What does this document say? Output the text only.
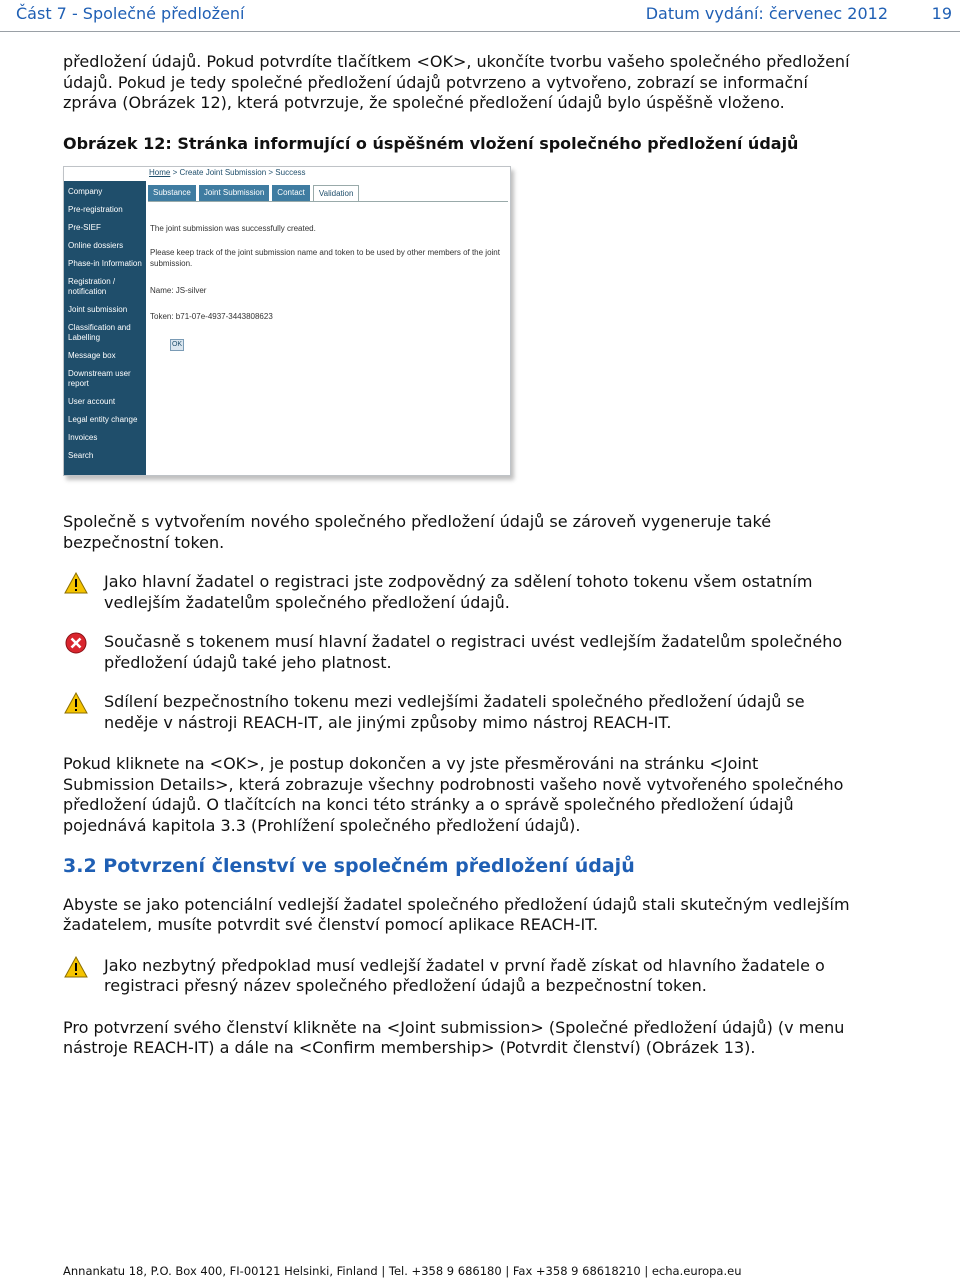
Část 7 - Společné předložení	Datum vydání: červenec 2012	19

předložení údajů. Pokud potvrdíte tlačítkem <OK>, ukončíte tvorbu vašeho společného předložení údajů. Pokud je tedy společné předložení údajů potvrzeno a vytvořeno, zobrazí se informační zpráva (Obrázek 12), která potvrzuje, že společné předložení údajů bylo úspěšně vloženo.

Obrázek 12: Stránka informující o úspěšném vložení společného předložení údajů

Home > Create Joint Submission > Success
Company
Pre-registration
Pre-SIEF
Online dossiers
Phase-in Information
Registration / notification
Joint submission
Classification and Labelling
Message box
Downstream user report
User account
Legal entity change
Invoices
Search
Substance	Joint Submission	Contact	Validation
The joint submission was successfully created.
Please keep track of the joint submission name and token to be used by other members of the joint submission.
Name: JS-silver
Token: b71-07e-4937-3443808623
OK

Společně s vytvořením nového společného předložení údajů se zároveň vygeneruje také bezpečnostní token.

Jako hlavní žadatel o registraci jste zodpovědný za sdělení tohoto tokenu všem ostatním vedlejším žadatelům společného předložení údajů.

Současně s tokenem musí hlavní žadatel o registraci uvést vedlejším žadatelům společného předložení údajů také jeho platnost.

Sdílení bezpečnostního tokenu mezi vedlejšími žadateli společného předložení údajů se neděje v nástroji REACH-IT, ale jinými způsoby mimo nástroj REACH-IT.

Pokud kliknete na <OK>, je postup dokončen a vy jste přesměrováni na stránku <Joint Submission Details>, která zobrazuje všechny podrobnosti vašeho nově vytvořeného společného předložení údajů. O tlačítcích na konci této stránky a o správě společného předložení údajů pojednává kapitola 3.3 (Prohlížení společného předložení údajů).

3.2 Potvrzení členství ve společném předložení údajů

Abyste se jako potenciální vedlejší žadatel společného předložení údajů stali skutečným vedlejším žadatelem, musíte potvrdit své členství pomocí aplikace REACH-IT.

Jako nezbytný předpoklad musí vedlejší žadatel v první řadě získat od hlavního žadatele o registraci přesný název společného předložení údajů a bezpečnostní token.

Pro potvrzení svého členství klikněte na <Joint submission> (Společné předložení údajů) (v menu nástroje REACH-IT) a dále na <Confirm membership> (Potvrdit členství) (Obrázek 13).

Annankatu 18, P.O. Box 400, FI-00121 Helsinki, Finland | Tel. +358 9 686180 | Fax +358 9 68618210 | echa.europa.eu
